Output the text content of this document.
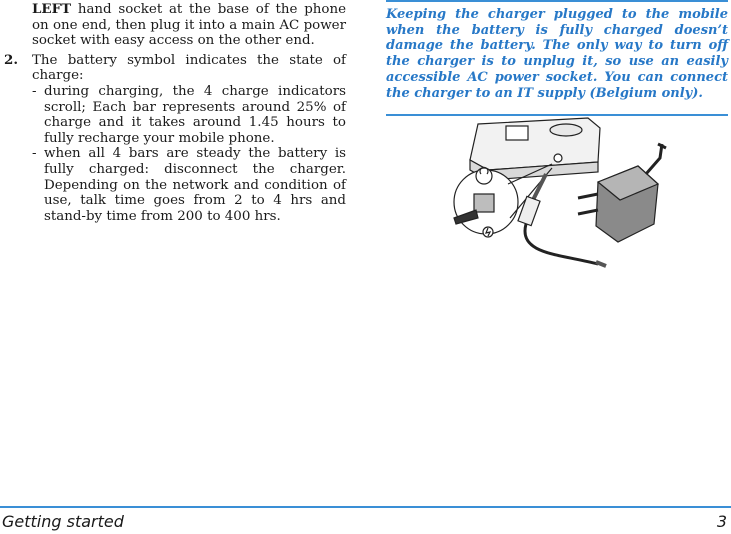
LEFT hand socket at the base of the phone on one end, then plug it into a main AC power socket with easy access on the other end.

2. The battery symbol indicates the state of charge:

- during charging, the 4 charge indicators scroll; Each bar represents around 25% of charge and it takes around 1.45 hours to fully recharge your mobile phone.

- when all 4 bars are steady the battery is fully charged: disconnect the charger. Depending on the network and condition of use, talk time goes from 2 to 4 hrs and stand-by time from 200 to 400 hrs.

Keeping the charger plugged to the mobile when the battery is fully charged doesn’t damage the battery. The only way to turn off the charger is to unplug it, so use an easily accessible AC power socket. You can connect the charger to an IT supply (Belgium only).

Getting started	3
